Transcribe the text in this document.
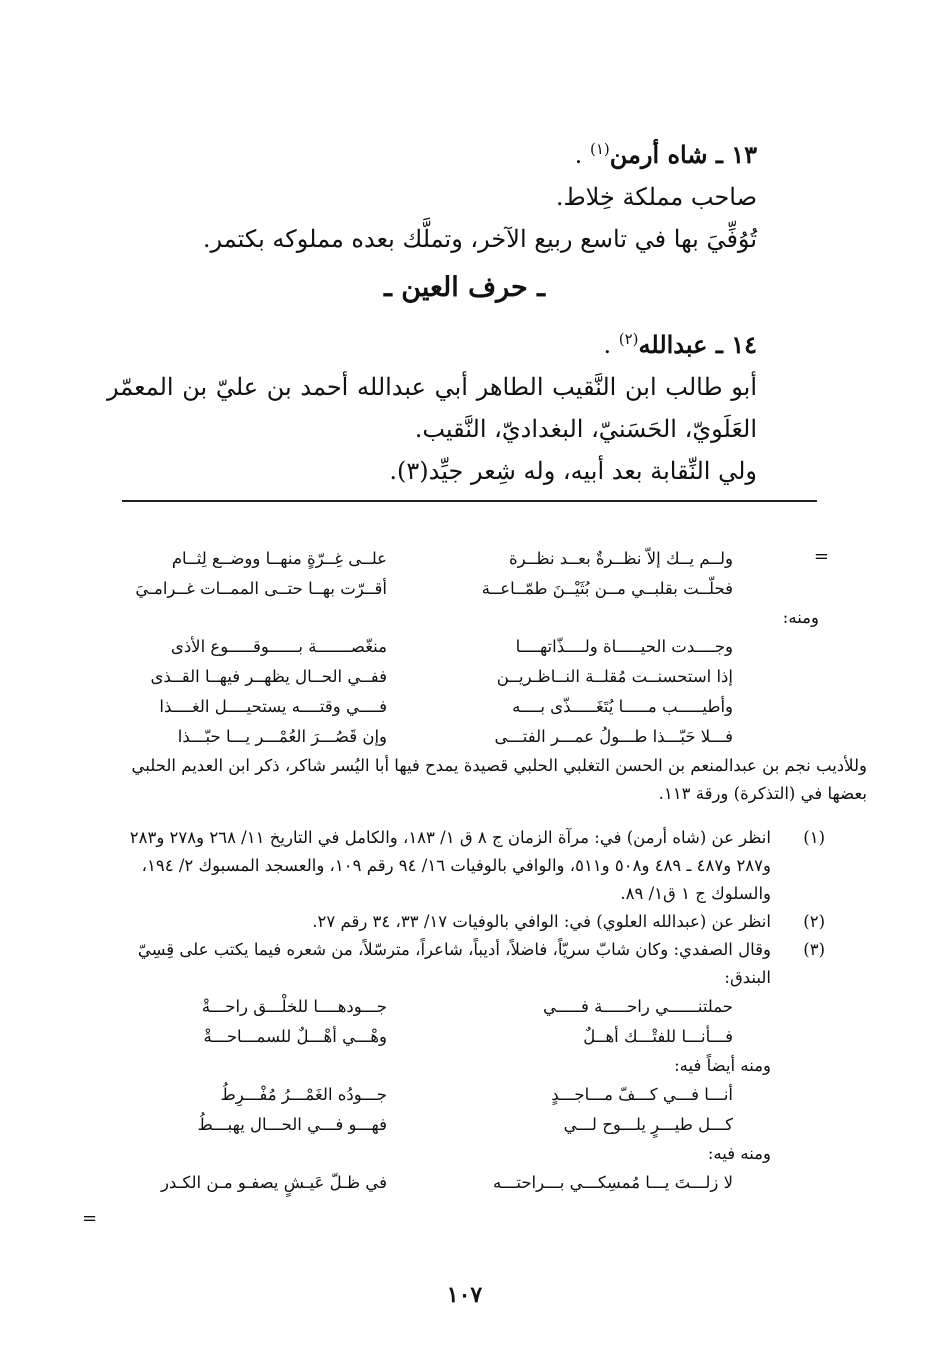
١٣ ـ شاه أرمن$^{(١)}$ .

صاحب مملكة خِلاط.

تُوُفِّيَ بها في تاسع ربيع الآخر، وتملَّك بعده مملوكه بكتمر.

ـ حرف العين ـ

١٤ ـ عبدالله$^{(٢)}$ .

أبو طالب ابن النَّقيب الطاهر أبي عبدالله أحمد بن عليّ بن المعمّر العَلَويّ، الحَسَنيّ، البغداديّ، النَّقيب.

ولي النِّقابة بعد أبيه، وله شِعر جيِّد(٣).

=
ولــم يــك إلاّ نظــرةٌ بعــد نظــرة
علــى غِــرّةٍ منهــا ووضــع لِثــام
فحلّــت بقلبــي مــن بُثَيْــنَ طمّــاعــة
أقــرّت بهــا حتــى الممــات غــرامـيَ

ومنه:

وجــــدت الحيـــــاة ولــــذّاتهــــا
منغّصـــــــة بــــــوقـــــوع الأذى
إذا استحسنــت مُقلــة النــاظـريــن
ففــي الحــال يظهــر فيهــا القــذى
وأطيـــــب مـــــا يُتَغَـــــذّى بــــه
فــــي وقتــــه يستحيــــل الغــــذا
فـــلا حَبّـــذا طـــولُ عمـــر الفتـــى
وإن قَصُـــرَ العُمْـــر يـــا حبّـــذا

وللأديب نجم بن عبدالمنعم بن الحسن التغلبي الحلبي قصيدة يمدح فيها أبا اليُسر شاكر، ذكر ابن العديم الحلبي بعضها في (التذكرة) ورقة ١١٣.

(١)

انظر عن (شاه أرمن) في: مرآة الزمان ج ٨ ق ١/ ١٨٣، والكامل في التاريخ ١١/ ٢٦٨ و٢٧٨ و٢٨٣ و٢٨٧ و٤٨٧ ـ ٤٨٩ و٥٠٨ و٥١١، والوافي بالوفيات ١٦/ ٩٤ رقم ١٠٩، والعسجد المسبوك ٢/ ١٩٤، والسلوك ج ١ ق١/ ٨٩.

(٢)

انظر عن (عبدالله العلوي) في: الوافي بالوفيات ١٧/ ٣٣، ٣٤ رقم ٢٧.

(٣)

وقال الصفدي: وكان شابّ سريّاً، فاضلاً، أديباً، شاعراً، مترسّلاً، من شعره فيما يكتب على قِسِيّ البندق:

حملتنــــــي راحـــــة فـــــي
جـــودهــــا للخلْـــق راحـــةْ
فـــأنـــا للفتْـــك أهــلٌ
وهْـــي أهْـــلٌ للسمـــاحـــةْ

ومنه أيضاً فيه:

أنـــا فـــي كـــفّ مـــاجـــدٍ
جـــودُه الغَمْـــرُ مُفْـــرِطُ
كـــل طيـــرٍ يلـــوح لـــي
فهـــو فـــي الحـــال يهبـــطُ

ومنه فيه:

لا زلـــتَ يـــا مُمسِكـــي بـــراحتـــه
في ظـلّ عَيـشٍ يصفـو مـن الكـدر
=
١٠٧
